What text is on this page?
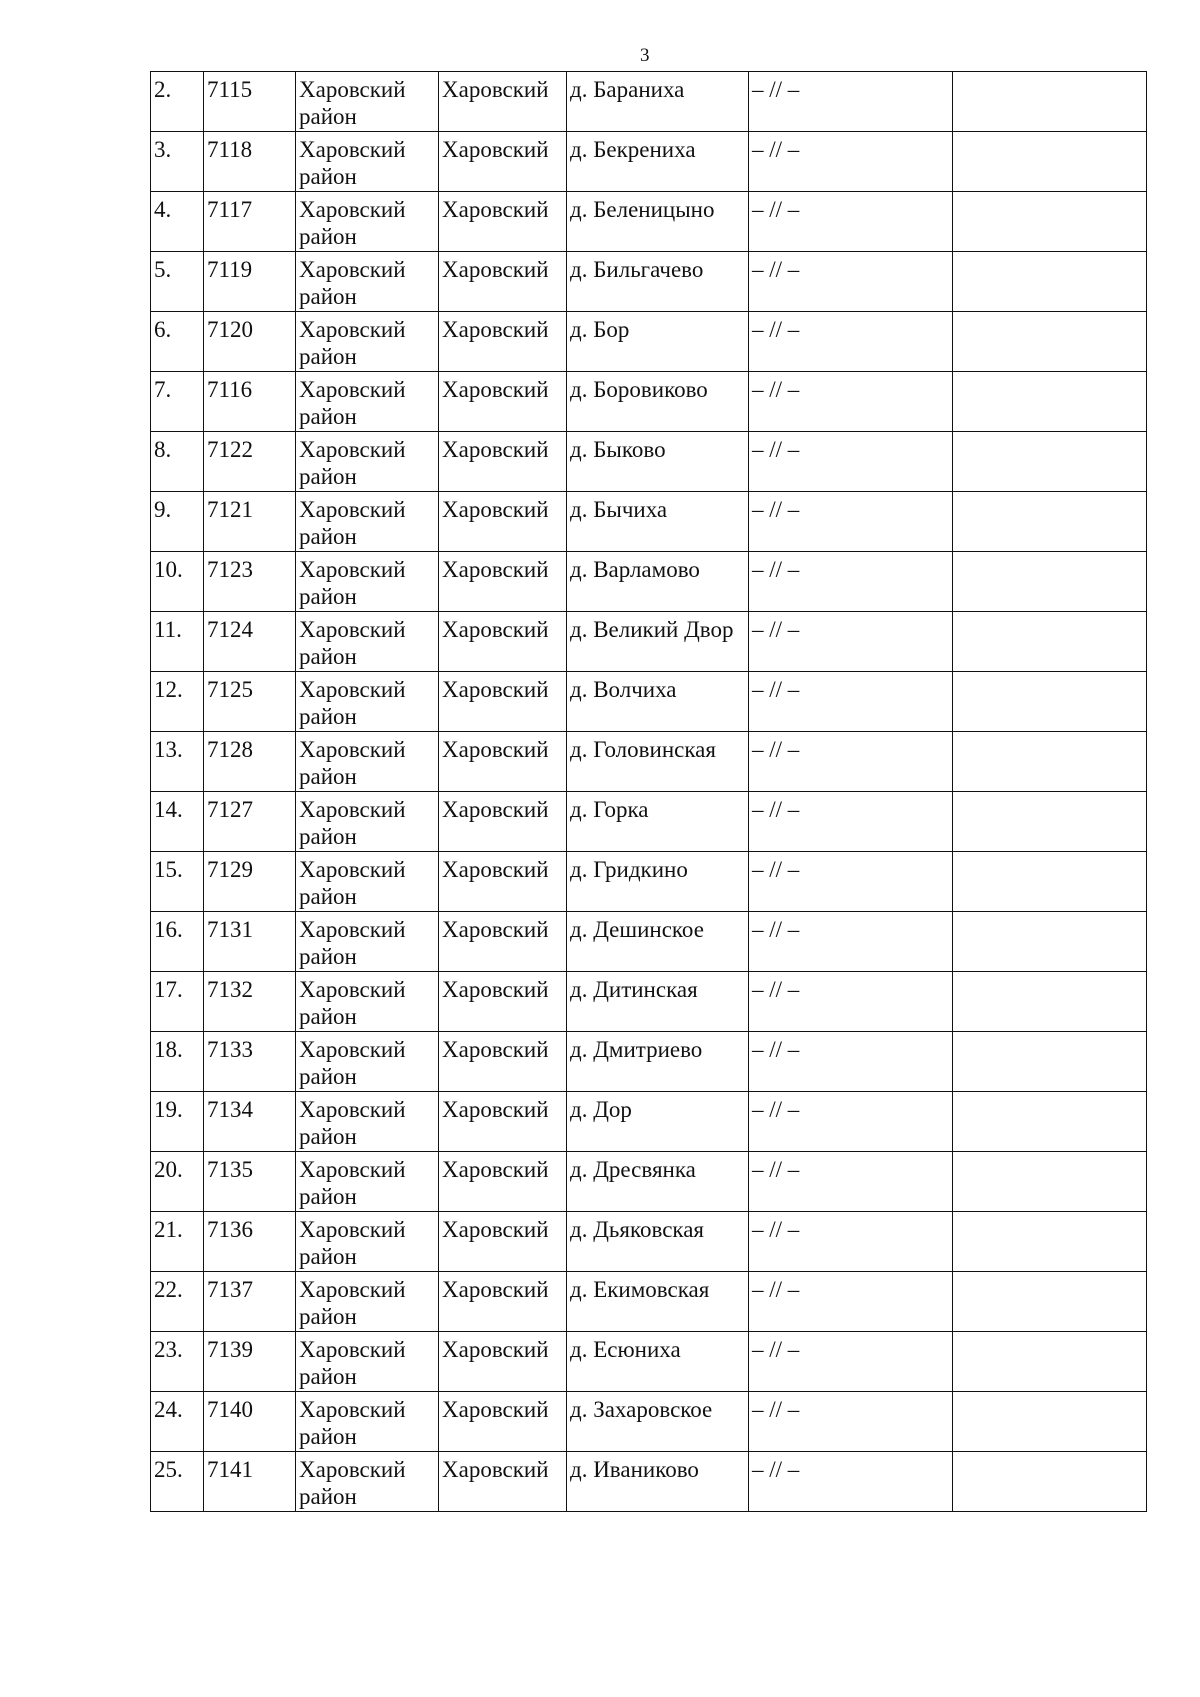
3
2.	7115	Харовский район	Харовский	д. Бараниха	– // –	
3.	7118	Харовский район	Харовский	д. Бекрениха	– // –	
4.	7117	Харовский район	Харовский	д. Беленицыно	– // –	
5.	7119	Харовский район	Харовский	д. Бильгачево	– // –	
6.	7120	Харовский район	Харовский	д. Бор	– // –	
7.	7116	Харовский район	Харовский	д. Боровиково	– // –	
8.	7122	Харовский район	Харовский	д. Быково	– // –	
9.	7121	Харовский район	Харовский	д. Бычиха	– // –	
10.	7123	Харовский район	Харовский	д. Варламово	– // –	
11.	7124	Харовский район	Харовский	д. Великий Двор	– // –	
12.	7125	Харовский район	Харовский	д. Волчиха	– // –	
13.	7128	Харовский район	Харовский	д. Головинская	– // –	
14.	7127	Харовский район	Харовский	д. Горка	– // –	
15.	7129	Харовский район	Харовский	д. Гридкино	– // –	
16.	7131	Харовский район	Харовский	д. Дешинское	– // –	
17.	7132	Харовский район	Харовский	д. Дитинская	– // –	
18.	7133	Харовский район	Харовский	д. Дмитриево	– // –	
19.	7134	Харовский район	Харовский	д. Дор	– // –	
20.	7135	Харовский район	Харовский	д. Дресвянка	– // –	
21.	7136	Харовский район	Харовский	д. Дьяковская	– // –	
22.	7137	Харовский район	Харовский	д. Екимовская	– // –	
23.	7139	Харовский район	Харовский	д. Есюниха	– // –	
24.	7140	Харовский район	Харовский	д. Захаровское	– // –	
25.	7141	Харовский район	Харовский	д. Иваниково	– // –	
